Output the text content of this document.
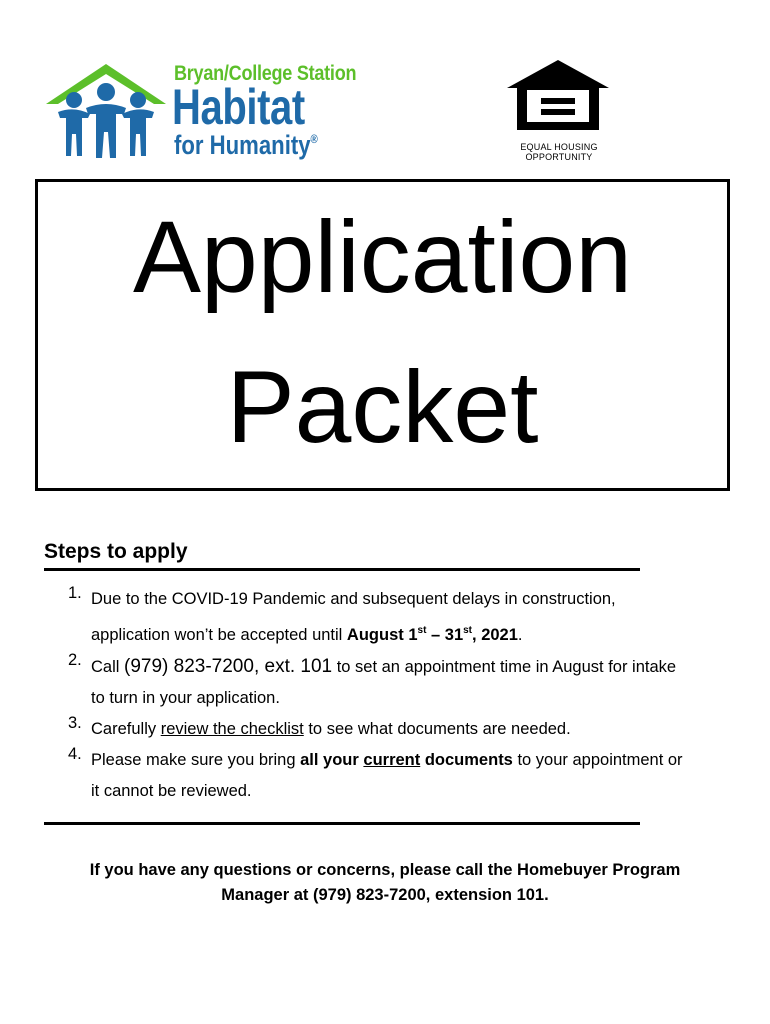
Bryan/College Station
Habitat
for Humanity®
EQUAL HOUSING
OPPORTUNITY
Application
Packet
Steps to apply
1. Due to the COVID-19 Pandemic and subsequent delays in construction,
application won’t be accepted until August 1st – 31st, 2021.
2. Call (979) 823-7200, ext. 101 to set an appointment time in August for intake
to turn in your application.
3. Carefully review the checklist to see what documents are needed.
4. Please make sure you bring all your current documents to your appointment or
it cannot be reviewed.
If you have any questions or concerns, please call the Homebuyer Program
Manager at (979) 823-7200, extension 101.
